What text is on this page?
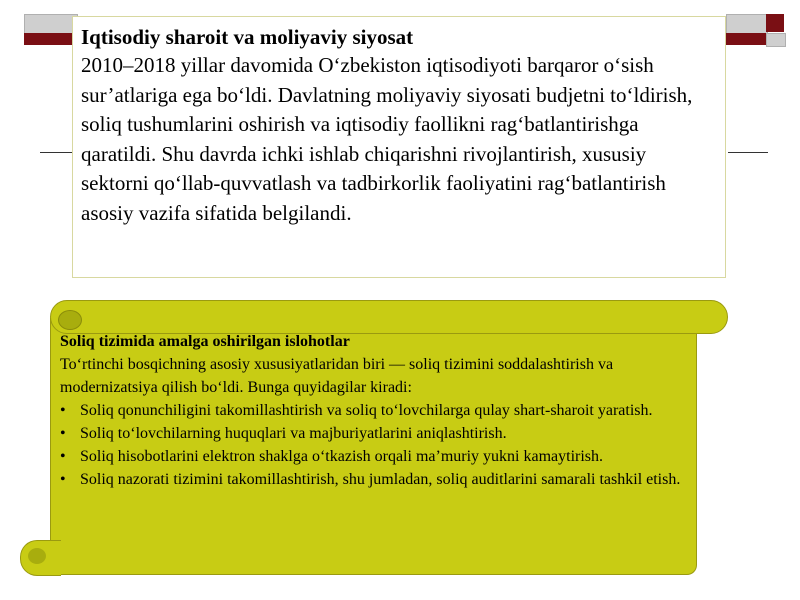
Iqtisodiy sharoit va moliyaviy siyosat
2010–2018 yillar davomida O‘zbekiston iqtisodiyoti barqaror o‘sish sur’atlariga ega bo‘ldi. Davlatning moliyaviy siyosati budjetni to‘ldirish, soliq tushumlarini oshirish va iqtisodiy faollikni rag‘batlantirishga qaratildi. Shu davrda ichki ishlab chiqarishni rivojlantirish, xususiy sektorni qo‘llab-quvvatlash va tadbirkorlik faoliyatini rag‘batlantirish asosiy vazifa sifatida belgilandi.
Soliq tizimida amalga oshirilgan islohotlar
To‘rtinchi bosqichning asosiy xususiyatlaridan biri — soliq tizimini soddalashtirish va modernizatsiya qilish bo‘ldi. Bunga quyidagilar kiradi:
• Soliq qonunchiligini takomillashtirish va soliq to‘lovchilarga qulay shart-sharoit yaratish.
• Soliq to‘lovchilarning huquqlari va majburiyatlarini aniqlashtirish.
• Soliq hisobotlarini elektron shaklga o‘tkazish orqali ma’muriy yukni kamaytirish.
• Soliq nazorati tizimini takomillashtirish, shu jumladan, soliq auditlarini samarali tashkil etish.
